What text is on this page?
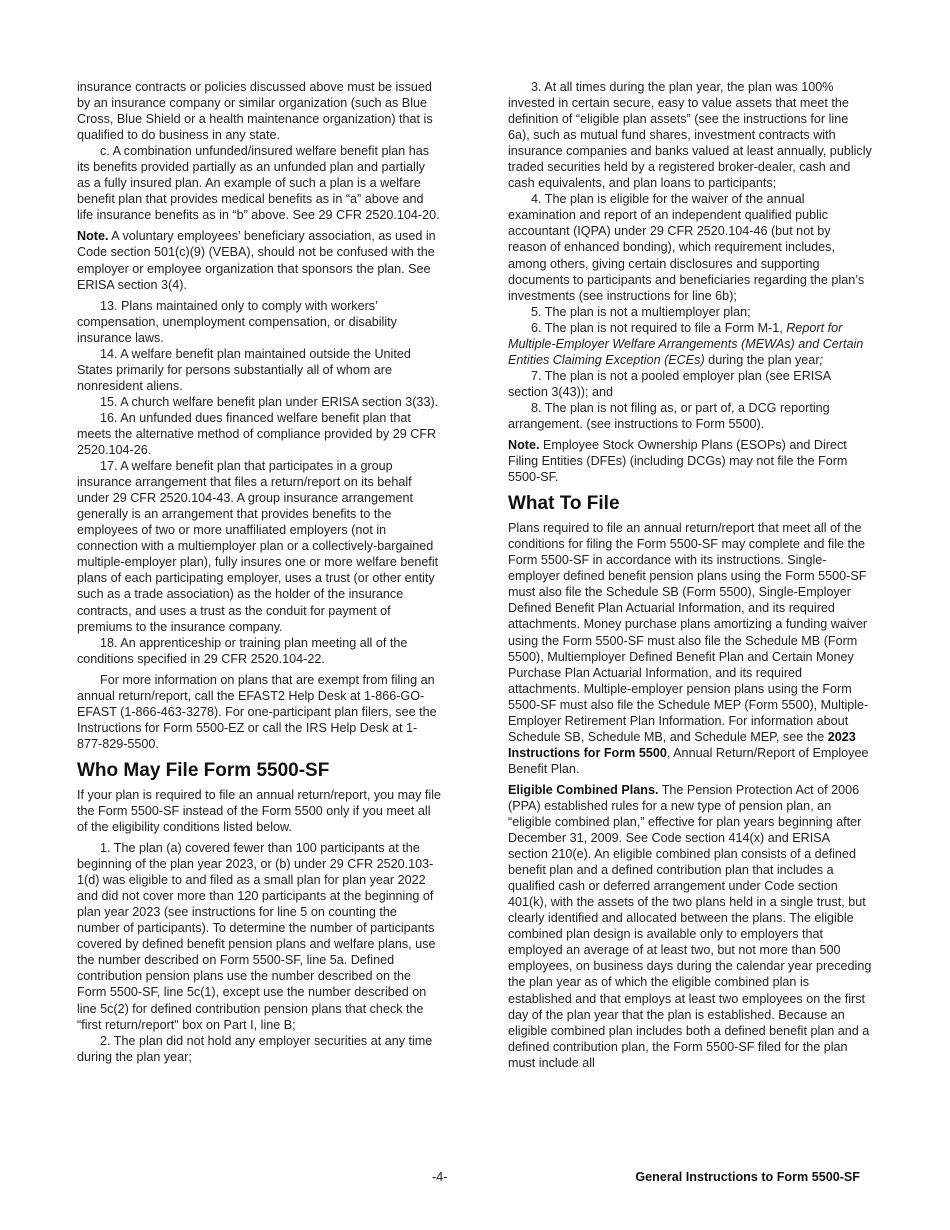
insurance contracts or policies discussed above must be issued by an insurance company or similar organization (such as Blue Cross, Blue Shield or a health maintenance organization) that is qualified to do business in any state.

c. A combination unfunded/insured welfare benefit plan has its benefits provided partially as an unfunded plan and partially as a fully insured plan. An example of such a plan is a welfare benefit plan that provides medical benefits as in “a” above and life insurance benefits as in “b” above. See 29 CFR 2520.104-20.

Note. A voluntary employees’ beneficiary association, as used in Code section 501(c)(9) (VEBA), should not be confused with the employer or employee organization that sponsors the plan. See ERISA section 3(4).

13. Plans maintained only to comply with workers’ compensation, unemployment compensation, or disability insurance laws.

14. A welfare benefit plan maintained outside the United States primarily for persons substantially all of whom are nonresident aliens.

15. A church welfare benefit plan under ERISA section 3(33).

16. An unfunded dues financed welfare benefit plan that meets the alternative method of compliance provided by 29 CFR 2520.104-26.

17. A welfare benefit plan that participates in a group insurance arrangement that files a return/report on its behalf under 29 CFR 2520.104-43. A group insurance arrangement generally is an arrangement that provides benefits to the employees of two or more unaffiliated employers (not in connection with a multiemployer plan or a collectively-bargained multiple-employer plan), fully insures one or more welfare benefit plans of each participating employer, uses a trust (or other entity such as a trade association) as the holder of the insurance contracts, and uses a trust as the conduit for payment of premiums to the insurance company.

18. An apprenticeship or training plan meeting all of the conditions specified in 29 CFR 2520.104-22.

For more information on plans that are exempt from filing an annual return/report, call the EFAST2 Help Desk at 1-866-GO-EFAST (1-866-463-3278). For one-participant plan filers, see the Instructions for Form 5500-EZ or call the IRS Help Desk at 1-877-829-5500.

Who May File Form 5500-SF

If your plan is required to file an annual return/report, you may file the Form 5500-SF instead of the Form 5500 only if you meet all of the eligibility conditions listed below.

1. The plan (a) covered fewer than 100 participants at the beginning of the plan year 2023, or (b) under 29 CFR 2520.103-1(d) was eligible to and filed as a small plan for plan year 2022 and did not cover more than 120 participants at the beginning of plan year 2023 (see instructions for line 5 on counting the number of participants). To determine the number of participants covered by defined benefit pension plans and welfare plans, use the number described on Form 5500-SF, line 5a. Defined contribution pension plans use the number described on the Form 5500-SF, line 5c(1), except use the number described on line 5c(2) for defined contribution pension plans that check the “first return/report" box on Part I, line B;

2. The plan did not hold any employer securities at any time during the plan year;

3. At all times during the plan year, the plan was 100% invested in certain secure, easy to value assets that meet the definition of “eligible plan assets” (see the instructions for line 6a), such as mutual fund shares, investment contracts with insurance companies and banks valued at least annually, publicly traded securities held by a registered broker-dealer, cash and cash equivalents, and plan loans to participants;

4. The plan is eligible for the waiver of the annual examination and report of an independent qualified public accountant (IQPA) under 29 CFR 2520.104-46 (but not by reason of enhanced bonding), which requirement includes, among others, giving certain disclosures and supporting documents to participants and beneficiaries regarding the plan’s investments (see instructions for line 6b);

5. The plan is not a multiemployer plan;

6. The plan is not required to file a Form M-1, Report for Multiple-Employer Welfare Arrangements (MEWAs) and Certain Entities Claiming Exception (ECEs) during the plan year;

7. The plan is not a pooled employer plan (see ERISA section 3(43)); and

8. The plan is not filing as, or part of, a DCG reporting arrangement. (see instructions to Form 5500).

Note. Employee Stock Ownership Plans (ESOPs) and Direct Filing Entities (DFEs) (including DCGs) may not file the Form 5500-SF.

What To File

Plans required to file an annual return/report that meet all of the conditions for filing the Form 5500-SF may complete and file the Form 5500-SF in accordance with its instructions. Single-employer defined benefit pension plans using the Form 5500-SF must also file the Schedule SB (Form 5500), Single-Employer Defined Benefit Plan Actuarial Information, and its required attachments. Money purchase plans amortizing a funding waiver using the Form 5500-SF must also file the Schedule MB (Form 5500), Multiemployer Defined Benefit Plan and Certain Money Purchase Plan Actuarial Information, and its required attachments. Multiple-employer pension plans using the Form 5500-SF must also file the Schedule MEP (Form 5500), Multiple-Employer Retirement Plan Information. For information about Schedule SB, Schedule MB, and Schedule MEP, see the 2023 Instructions for Form 5500, Annual Return/Report of Employee Benefit Plan.

Eligible Combined Plans. The Pension Protection Act of 2006 (PPA) established rules for a new type of pension plan, an “eligible combined plan,” effective for plan years beginning after December 31, 2009. See Code section 414(x) and ERISA section 210(e). An eligible combined plan consists of a defined benefit plan and a defined contribution plan that includes a qualified cash or deferred arrangement under Code section 401(k), with the assets of the two plans held in a single trust, but clearly identified and allocated between the plans. The eligible combined plan design is available only to employers that employed an average of at least two, but not more than 500 employees, on business days during the calendar year preceding the plan year as of which the eligible combined plan is established and that employs at least two employees on the first day of the plan year that the plan is established. Because an eligible combined plan includes both a defined benefit plan and a defined contribution plan, the Form 5500-SF filed for the plan must include all

-4-	General Instructions to Form 5500-SF
